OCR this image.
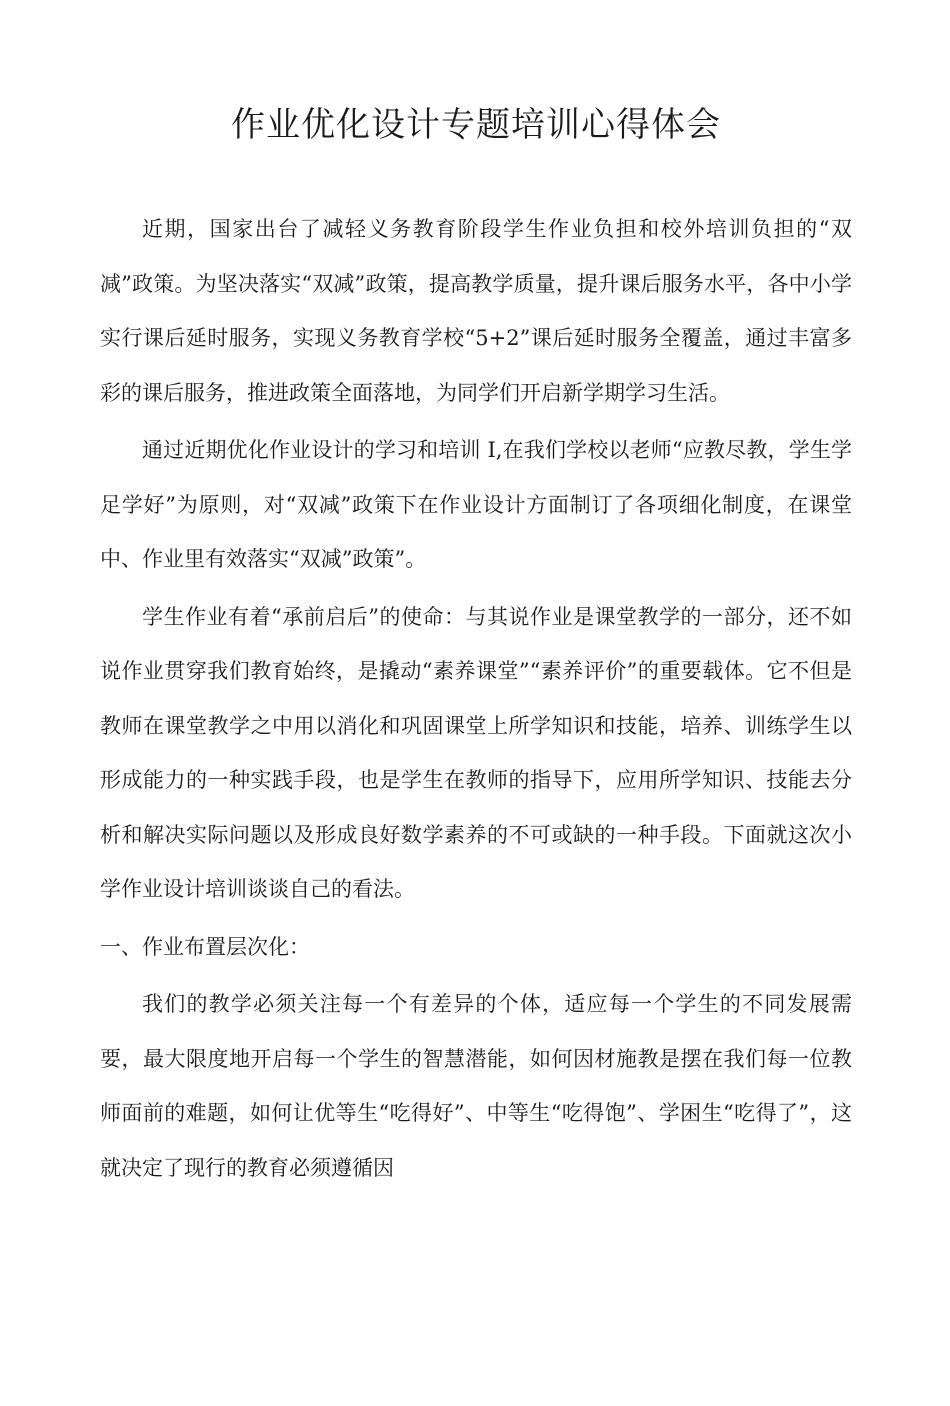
作业优化设计专题培训心得体会

近期，国家出台了减轻义务教育阶段学生作业负担和校外培训负担的“双减”政策。为坚决落实“双减”政策，提高教学质量，提升课后服务水平，各中小学实行课后延时服务，实现义务教育学校“5+2”课后延时服务全覆盖，通过丰富多彩的课后服务，推进政策全面落地，为同学们开启新学期学习生活。

通过近期优化作业设计的学习和培训 I,在我们学校以老师“应教尽教，学生学足学好”为原则，对“双减”政策下在作业设计方面制订了各项细化制度，在课堂中、作业里有效落实“双减”政策”。

学生作业有着“承前启后”的使命：与其说作业是课堂教学的一部分，还不如说作业贯穿我们教育始终，是撬动“素养课堂”“素养评价”的重要载体。它不但是教师在课堂教学之中用以消化和巩固课堂上所学知识和技能，培养、训练学生以形成能力的一种实践手段，也是学生在教师的指导下，应用所学知识、技能去分析和解决实际问题以及形成良好数学素养的不可或缺的一种手段。下面就这次小学作业设计培训谈谈自己的看法。

一、作业布置层次化：

我们的教学必须关注每一个有差异的个体，适应每一个学生的不同发展需要，最大限度地开启每一个学生的智慧潜能，如何因材施教是摆在我们每一位教师面前的难题，如何让优等生“吃得好”、中等生“吃得饱”、学困生“吃得了”，这就决定了现行的教育必须遵循因
